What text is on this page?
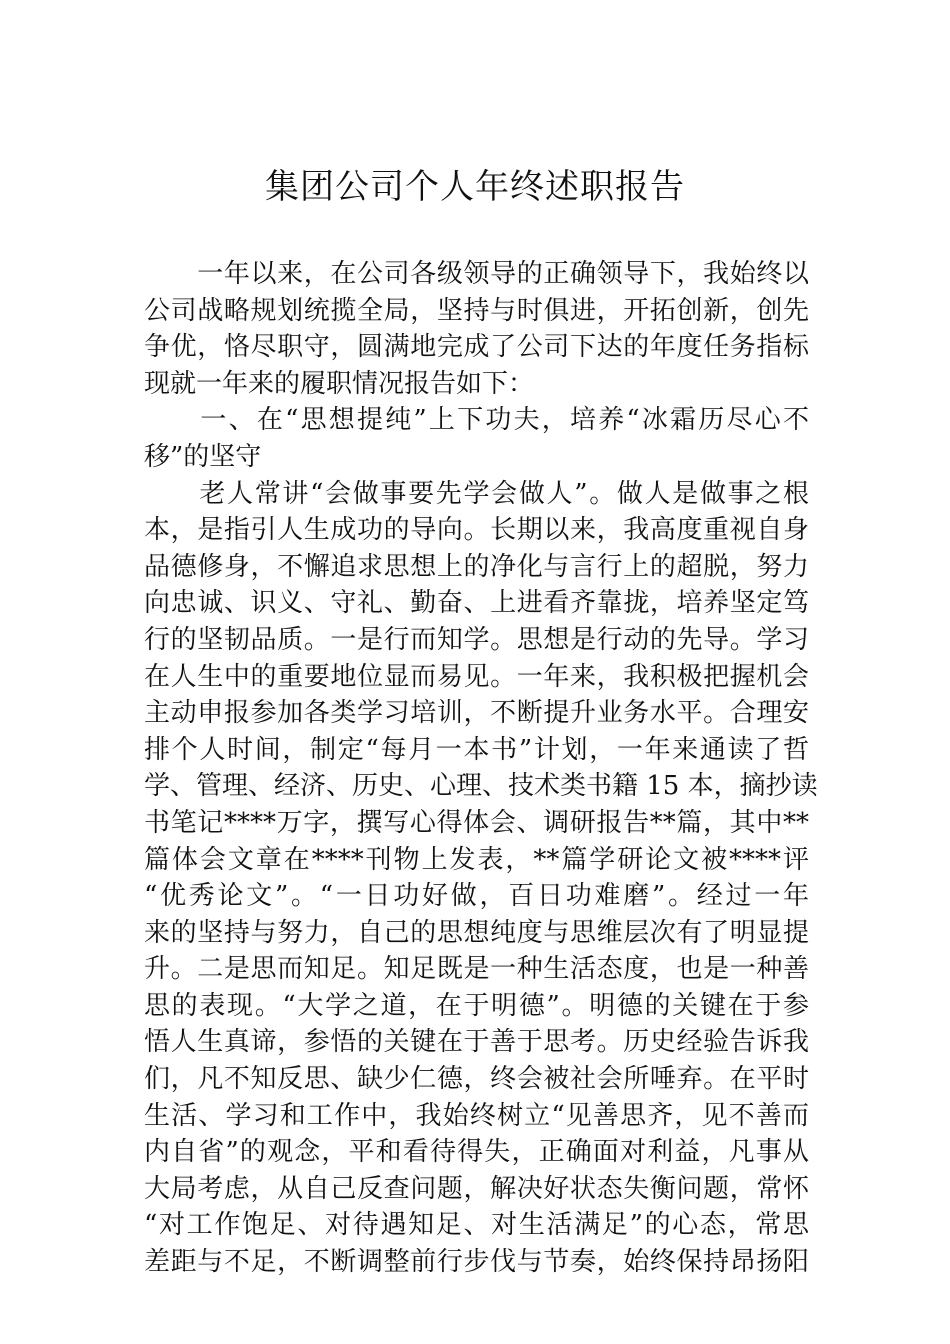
集团公司个人年终述职报告
　　一年以来，在公司各级领导的正确领导下，我始终以
公司战略规划统揽全局，坚持与时俱进，开拓创新，创先
争优，恪尽职守，圆满地完成了公司下达的年度任务指标
现就一年来的履职情况报告如下：
　　一、在“思想提纯”上下功夫，培养“冰霜历尽心不
移”的坚守
　　老人常讲“会做事要先学会做人”。做人是做事之根
本，是指引人生成功的导向。长期以来，我高度重视自身
品德修身，不懈追求思想上的净化与言行上的超脱，努力
向忠诚、识义、守礼、勤奋、上进看齐靠拢，培养坚定笃
行的坚韧品质。一是行而知学。思想是行动的先导。学习
在人生中的重要地位显而易见。一年来，我积极把握机会
主动申报参加各类学习培训，不断提升业务水平。合理安
排个人时间，制定“每月一本书”计划，一年来通读了哲
学、管理、经济、历史、心理、技术类书籍 15 本，摘抄读
书笔记****万字，撰写心得体会、调研报告**篇，其中**
篇体会文章在****刊物上发表，**篇学研论文被****评
“优秀论文”。“一日功好做，百日功难磨”。经过一年
来的坚持与努力，自己的思想纯度与思维层次有了明显提
升。二是思而知足。知足既是一种生活态度，也是一种善
思的表现。“大学之道，在于明德”。明德的关键在于参
悟人生真谛，参悟的关键在于善于思考。历史经验告诉我
们，凡不知反思、缺少仁德，终会被社会所唾弃。在平时
生活、学习和工作中，我始终树立“见善思齐，见不善而
内自省”的观念，平和看待得失，正确面对利益，凡事从
大局考虑，从自己反查问题，解决好状态失衡问题，常怀
“对工作饱足、对待遇知足、对生活满足”的心态，常思
差距与不足，不断调整前行步伐与节奏，始终保持昂扬阳
